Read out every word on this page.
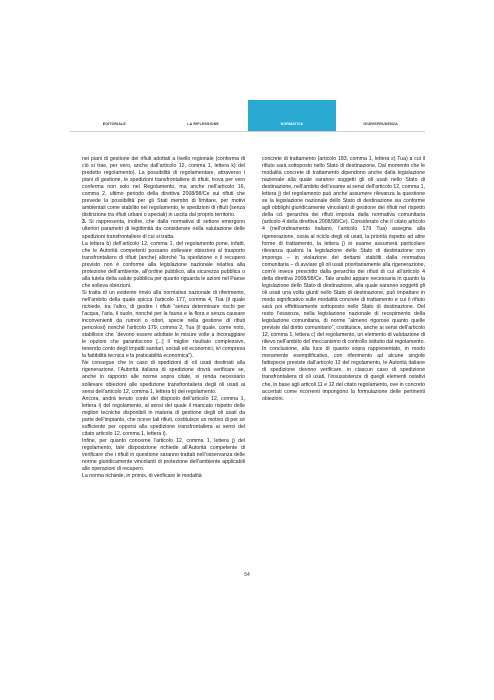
EDITORIALE	LA RIFLESSIONE	NORMATIVA	GIURISPRUDENZA

nei piani di gestione dei rifiuti adottati a livello regionale (conferma di ciò si trae, per vero, anche dall’articolo 12, comma 1, lettera k) del predetto regolamento). La possibilità di regolamentare, attraverso i piani di gestione, le spedizioni transfrontaliere di rifiuti, trova per vero conferma non solo nel Regolamento, ma anche nell’articolo 16, comma 2, ultimo periodo della direttiva 2008/98/Ce sui rifiuti che prevede la possibilità per gli Stati membri di limitare, per motivi ambientali come stabilito nel regolamento, le spedizioni di rifiuti (senza distinzione tra rifiuti urbani o speciali) in uscita dal proprio territorio.

3. Si rappresenta, inoltre, che dalla normativa di settore emergono ulteriori parametri di legittimità da considerare nella valutazione delle spedizioni transfrontaliere di cui si tratta.

La lettera b) dell’articolo 12, comma 1, del regolamento pone, infatti, che le Autorità competenti possano sollevare obiezioni al trasporto transfrontaliero di rifiuti (anche) allorché “la spedizione o il recupero previsto non è conforme alla legislazione nazionale relativa alla protezione dell’ambiente, all’ordine pubblico, alla sicurezza pubblica o alla tutela della salute pubblica per quanto riguarda le azioni nel Paese che solleva obiezioni.

Si tratta di un evidente rinvio alla normativa nazionale di riferimento, nell’ambito della quale spicca l’articolo 177, comma 4, Tua (il quale richiede, tra l’altro, di gestire i rifiuti “senza determinare rischi per l’acqua, l’aria, il suolo, nonché per la fauna e la flora e senza causare inconvenienti da rumori o odori, specie nella gestione di rifiuti pericolosi) nonché l’articolo 179, comma 2, Tua (il quale, come noto, stabilisce che “devono essere adottate le misure volte a incoraggiare le opzioni che garantiscono [...] il miglior risultato complessivo, tenendo conto degli impatti sanitari, sociali ed economici, ivi compresa la fattibilità tecnica e la praticabilità economica”).

Ne consegue che in caso di spedizioni di oli usati destinati alla rigenerazione, l’Autorità italiana di spedizione dovrà verificare se, anche in rapporto alle norme sopra citate, si renda necessario sollevare obiezioni alle spedizione transfrontaliera degli oli usati ai sensi dell’articolo 12, comma 1, lettera b) del regolamento.

Ancora, andrà tenuto conto del disposto dell’articolo 12, comma 1, lettera i) del regolamento, ai sensi del quale il mancato rispetto delle migliori tecniche disponibili in materia di gestione degli oli usati da parte dell’impianto, che riceve tali rifiuti, costituisce un motivo di per sé sufficiente per opporsi alla spedizione transfrontaliera ai sensi del citato articolo 12, comma 1, lettera i).

Infine, per quanto concerne l’articolo 12, comma 1, lettera j) del regolamento, tale disposizione richiede all’Autorità competente di verificare che i rifiuti in questione saranno trattati nell’osservanza delle norme giuridicamente vincolanti di protezione dell’ambiente applicabili alle operazioni di recupero.

La norma richiede, in primis, di verificare le modalità

concrete di trattamento (articolo 183, comma 1, lettera s) Tua) a cui il rifiuto sarà sottoposto nello Stato di destinazione. Dal momento che le modalità concrete di trattamento dipendono anche dalla legislazione nazionale alla quale saranno soggetti gli oli usati nello Stato di destinazione, nell’ambito dell’esame ai sensi dell’articolo 12, comma 1, lettera j) del regolamento può anche assumere rilevanza la questione se la legislazione nazionale dello Stato di destinazione sia conforme agli obblighi giuridicamente vincolanti di gestione dei rifiuti nel rispetto della cd. gerarchia dei rifiuti imposta dalla normativa comunitaria (articolo 4 della direttiva 2008/98/Ce). Considerato che il citato articolo 4 (nell’ordinamento italiano, l’articolo 179 Tua) assegna alla rigenerazione, ossia al riciclo degli oli usati, la priorità rispetto ad altre forme di trattamento, la lettera j) in esame assumerà particolare rilevanza qualora la legislazione dello Stato di destinazione non imponga – in violazione dei dettami stabiliti dalla normativa comunitaria – di avviare gli oli usati prioritariamente alla rigenerazione, com’è invece prescritto dalla gerarchia dei rifiuti di cui all’articolo 4 della direttiva 2008/98/Ce. Tale analisi appare necessaria in quanto la legislazione dello Stato di destinazione, alla quale saranno soggetti gli oli usati una volta giunti nello Stato di destinazione, può impattare in modo significativo sulle modalità concrete di trattamento e cui il rifiuto sarà poi effettivamente sottoposto nello Stato di destinazione. Del resto l’essenza, nella legislazione nazionale di recepimento della legislazione comunitaria, di norme “almeno rigorose quanto quelle previste dal diritto comunitario”, costituisce, anche ai sensi dell’articolo 12, comma 1, lettera c) del regolamento, un elemento di valutazione di rilievo nell’ambito del meccanismo di controllo istituito dal regolamento.

In conclusione, alla luce di quanto sopra rappresentato, in modo meramente esemplificativo, con riferimento ad alcune singole fattispecie previste dall’articolo 12 del regolamento, le Autorità italiane di spedizione devono verificare, in ciascun caso di spedizione transfrontaliera di oli usati, l’insussistenza di quegli elementi ostativi che, in base agli articoli 11 e 12 del citato regolamento, ove in concreto accertati come ricorrenti impongono la formulazione delle pertinenti obiezioni.

54
